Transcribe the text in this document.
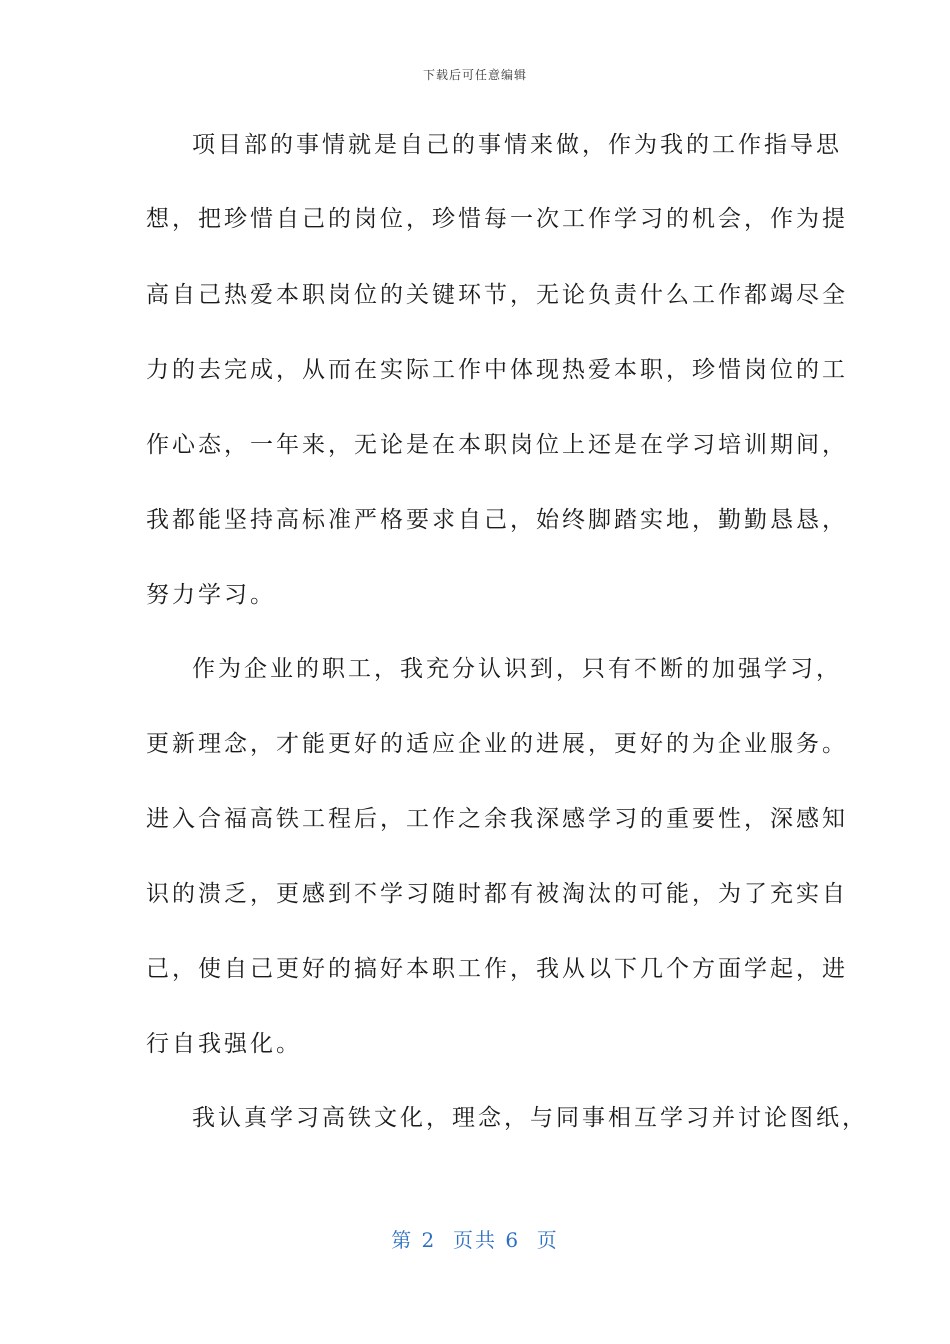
下载后可任意编辑
项目部的事情就是自己的事情来做，作为我的工作指导思
想，把珍惜自己的岗位，珍惜每一次工作学习的机会，作为提
高自己热爱本职岗位的关键环节，无论负责什么工作都竭尽全
力的去完成，从而在实际工作中体现热爱本职，珍惜岗位的工
作心态，一年来，无论是在本职岗位上还是在学习培训期间，
我都能坚持高标准严格要求自己，始终脚踏实地，勤勤恳恳，
努力学习。
作为企业的职工，我充分认识到，只有不断的加强学习，
更新理念，才能更好的适应企业的进展，更好的为企业服务。
进入合福高铁工程后，工作之余我深感学习的重要性，深感知
识的溃乏，更感到不学习随时都有被淘汰的可能，为了充实自
己，使自己更好的搞好本职工作，我从以下几个方面学起，进
行自我强化。
我认真学习高铁文化，理念，与同事相互学习并讨论图纸，
第 2  页共 6  页
